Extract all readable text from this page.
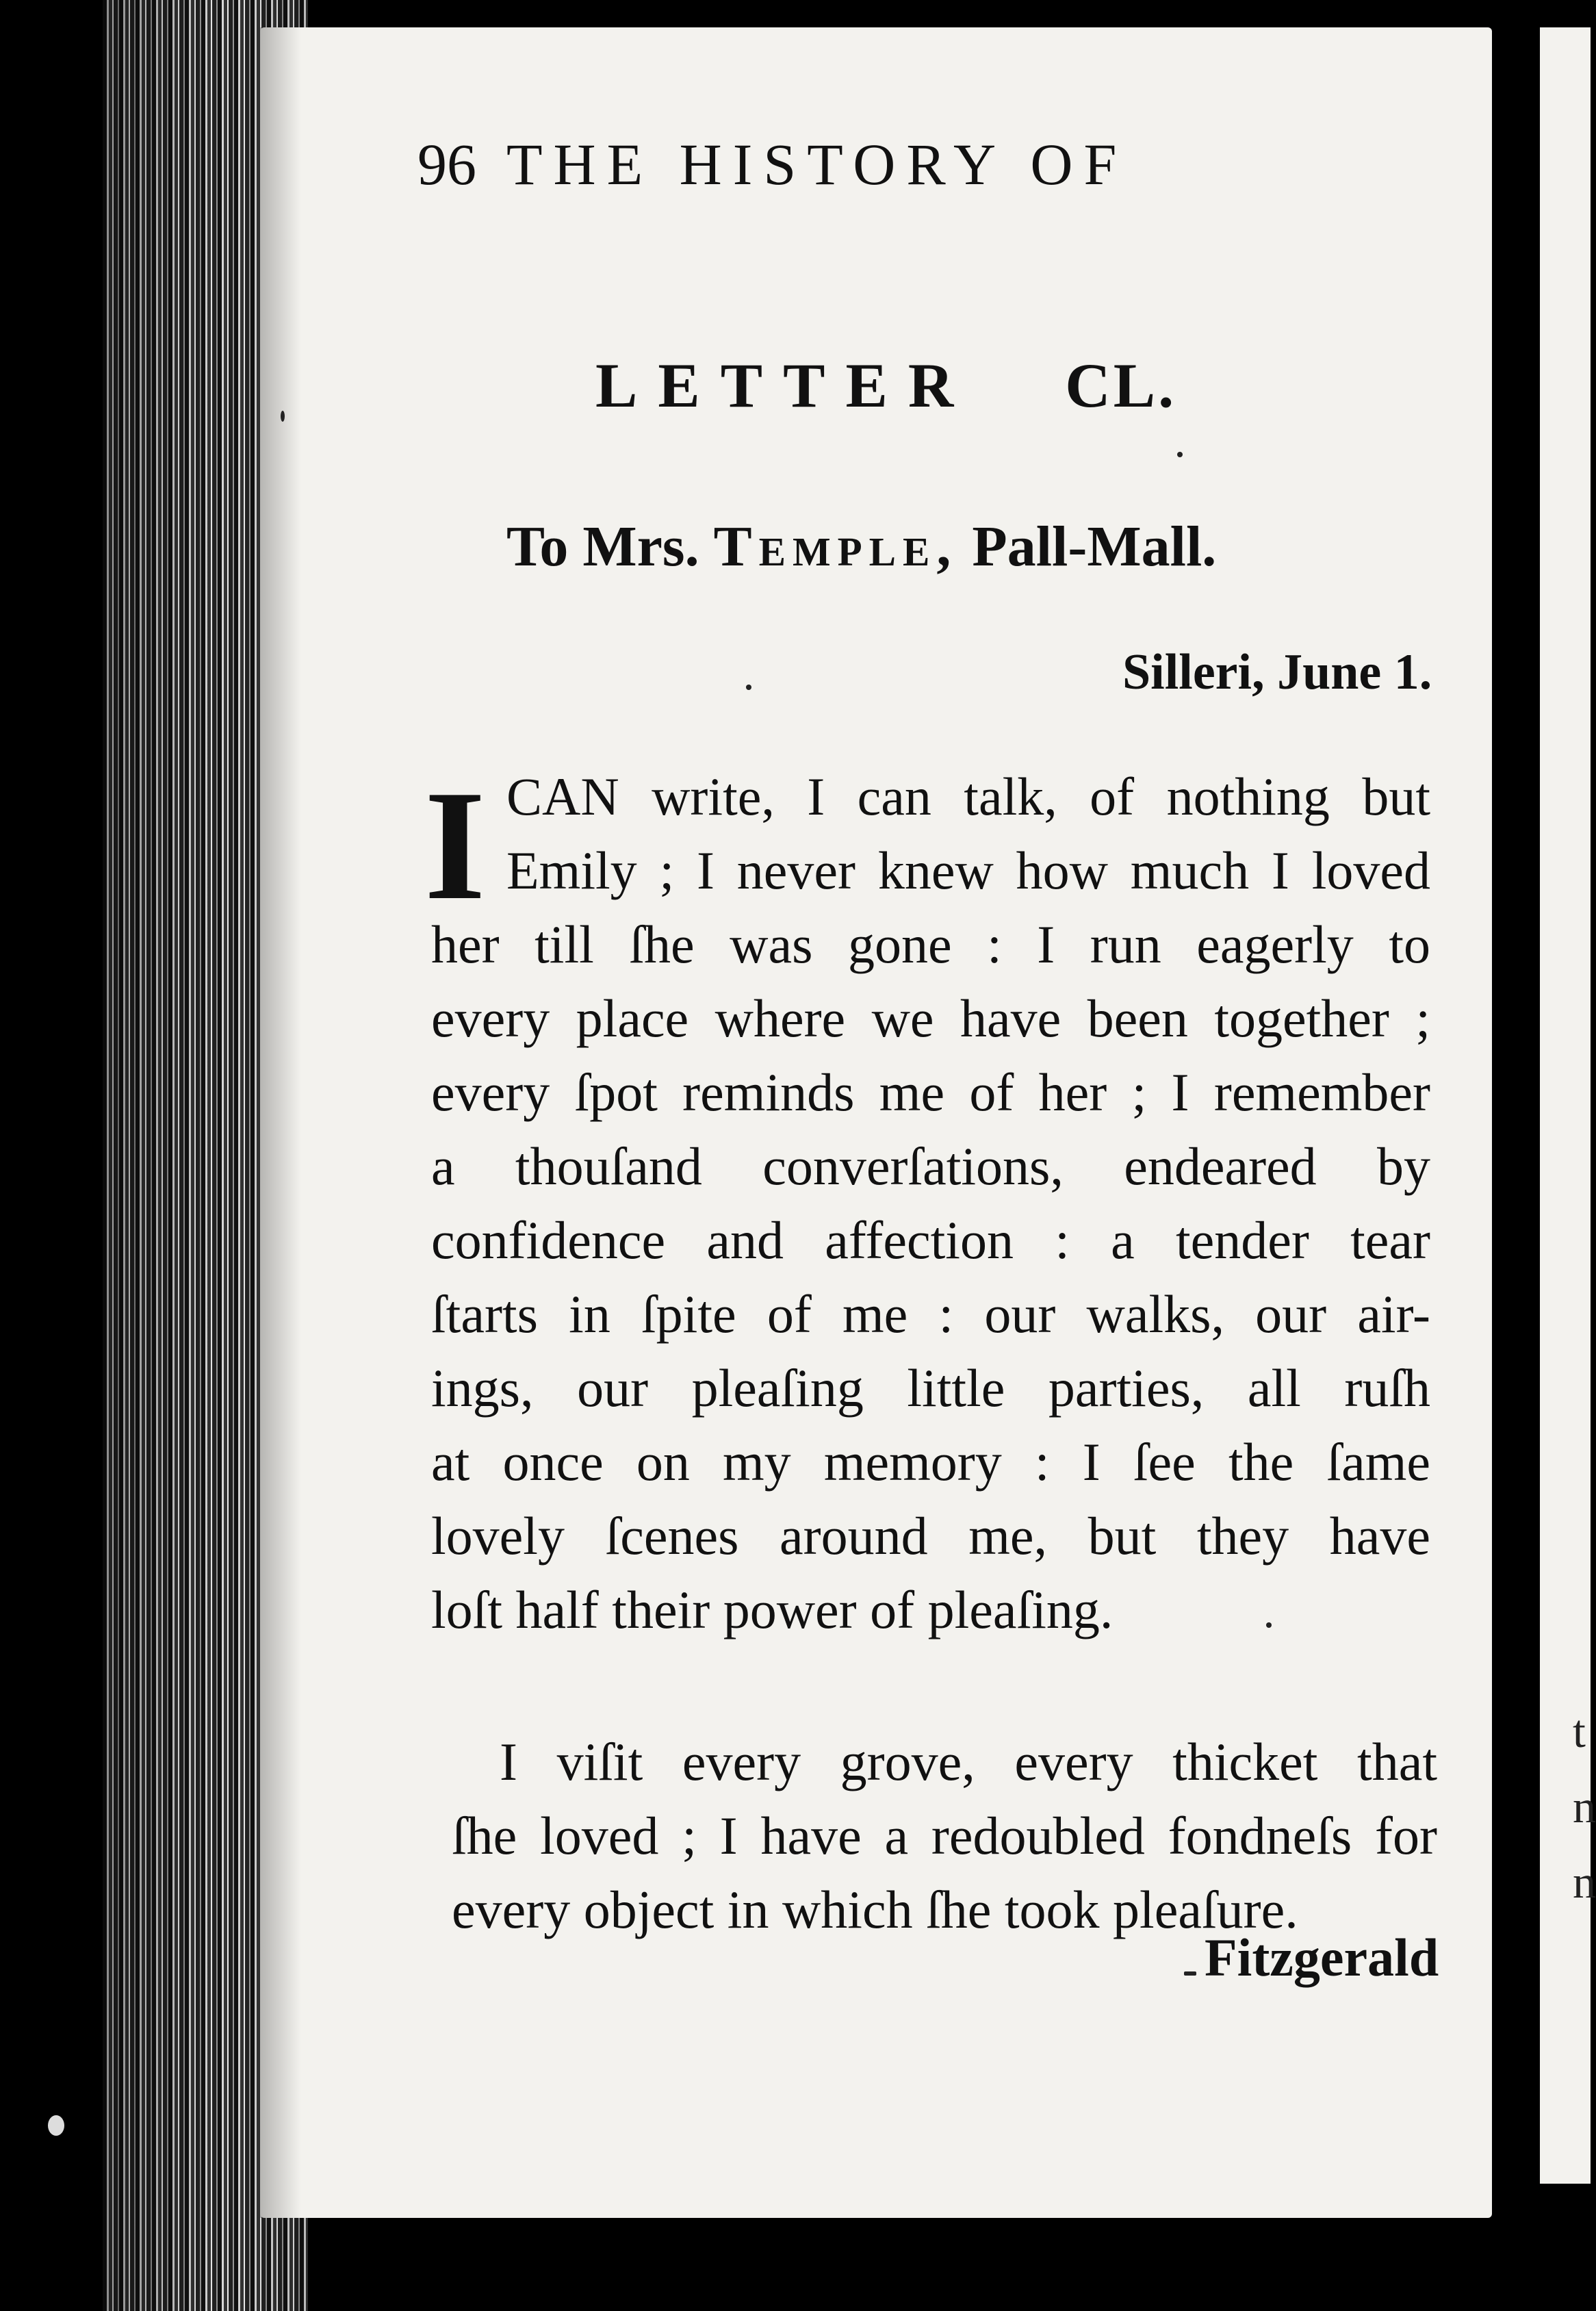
t
n
n
96 THE HISTORY OF
LETTER CL.
To Mrs. Temple, Pall-Mall.
Silleri, June 1.
I CAN write, I can talk, of nothing but
Emily ; I never knew how much I loved
her till ſhe was gone : I run eagerly to
every place where we have been together ;
every ſpot reminds me of her ; I remember
a thouſand converſations, endeared by
confidence and affection : a tender tear
ſtarts in ſpite of me : our walks, our air-
ings, our pleaſing little parties, all ruſh
at once on my memory : I ſee the ſame
lovely ſcenes around me, but they have
loſt half their power of pleaſing.
I viſit every grove, every thicket that
ſhe loved ; I have a redoubled fondneſs for
every object in which ſhe took pleaſure.
Fitzgerald
